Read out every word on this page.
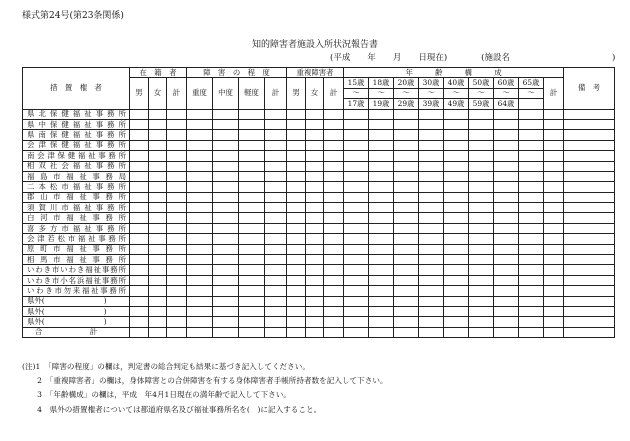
様式第24号(第23条関係)
知的障害者施設入所状況報告書
(平成　　年　　月　　日現在)　　　　(施設名　　　　　　　　　　　　)
措　置　権　者	在　籍　者			障　害　の　程　度				重複障害者			年　　　齢　　　構　　　成									備　考
	男	女	計	重度	中度	軽度	計	男	女	計	15歳	18歳	20歳	30歳	40歳	50歳	60歳	65歳	計	
											～	～	～	～	～	～	～	～		
											17歳	19歳	29歳	39歳	49歳	59歳	64歳			
県北保健福祉事務所																				
県中保健福祉事務所																				
県南保健福祉事務所																				
会津保健福祉事務所																				
南会津保健福祉事務所																				
相双社会福祉事務所																				
福島市福祉事務局																				
二本松市福祉事務所																				
郡山市福祉事務所																				
須賀川市福祉事務所																				
白河市福祉事務所																				
喜多方市福祉事務所																				
会津若松市福祉事務所																				
原町市福祉事務所																				
相馬市福祉事務所																				
いわき市いわき福祉事務所																				
いわき市小名浜福祉事務所																				
いわき市勿来福祉事務所																				
県外(　　　　　　　　)																				
県外(　　　　　　　　)																				
県外(　　　　　　　　)																				
合　計																				
(注)1　「障害の程度」の欄は，判定書の総合判定も結果に基づき記入してください。
　　2　「重複障害者」の欄は，身体障害との合併障害を有する身体障害者手帳所持者数を記入して下さい。
　　3　「年齢構成」の欄は，平成　年4月1日現在の満年齢で記入して下さい。
　　4　県外の措置権者については都道府県名及び福祉事務所名を(　)に記入すること。
